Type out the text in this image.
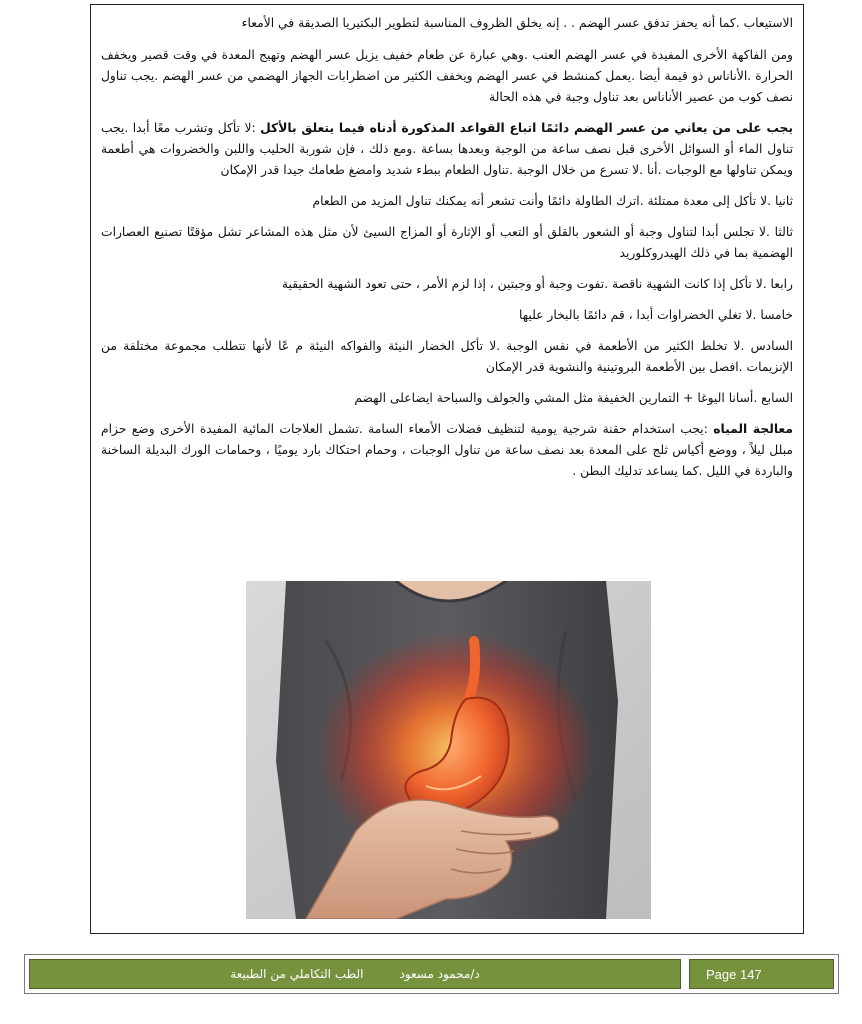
الاستيعاب .كما أنه يحفز تدفق عسر الهضم . . إنه يخلق الظروف المناسبة لتطوير البكتيريا الصديقة في الأمعاء

ومن الفاكهة الأخرى المفيدة في عسر الهضم العنب .وهي عبارة عن طعام خفيف يزيل عسر الهضم وتهيج المعدة في وقت قصير ويخفف الحرارة .الأناناس ذو قيمة أيضا .يعمل كمنشط في عسر الهضم ويخفف الكثير من اضطرابات الجهاز الهضمي من عسر الهضم .يجب تناول نصف كوب من عصير الأناناس بعد تناول وجبة في هذه الحالة

يجب على من يعاني من عسر الهضم دائمًا اتباع القواعد المذكورة أدناه فيما يتعلق بالأكل :لا تأكل وتشرب معًا أبدا .يجب تناول الماء أو السوائل الأخرى قبل نصف ساعة من الوجبة وبعدها بساعة .ومع ذلك ، فإن شوربة الحليب واللبن والخضروات هي أطعمة ويمكن تناولها مع الوجبات .أنا .لا تسرع من خلال الوجبة .تناول الطعام ببطء شديد وامضغ طعامك جيدا قدر الإمكان

ثانيا .لا تأكل إلى معدة ممتلئة .اترك الطاولة دائمًا وأنت تشعر أنه يمكنك تناول المزيد من الطعام

ثالثا .لا تجلس أبدا لتناول وجبة أو الشعور بالقلق أو التعب أو الإثارة أو المزاج السيئ لأن مثل هذه المشاعر تشل مؤقتًا تصنيع العصارات الهضمية بما في ذلك الهيدروكلوريد

رابعا .لا تأكل إذا كانت الشهية ناقصة .تفوت وجبة أو وجبتين ، إذا لزم الأمر ، حتى تعود الشهية الحقيقية

خامسا .لا تغلي الخضراوات أبدا ، قم دائمًا بالبخار عليها

السادس .لا تخلط الكثير من الأطعمة في نفس الوجبة .لا تأكل الخضار النيئة والفواكه النيئة م عًا لأنها تتطلب مجموعة مختلفة من الإنزيمات .افصل بين الأطعمة البروتينية والنشوية قدر الإمكان

السابع .أسانا اليوغا + التمارين الخفيفة مثل المشي والجولف والسباحة ايضاعلى الهضم

معالجة المياه :يجب استخدام حقنة شرجية يومية لتنظيف فضلات الأمعاء السامة .تشمل العلاجات المائية المفيدة الأخرى وضع حزام مبلل ليلاً ، ووضع أكياس ثلج على المعدة بعد نصف ساعة من تناول الوجبات ، وحمام احتكاك بارد يوميًا ، وحمامات الورك البديلة الساخنة والباردة في الليل .كما يساعد تدليك البطن .

الطب التكاملي من الطبيعة	د/محمود مسعود	Page 147
